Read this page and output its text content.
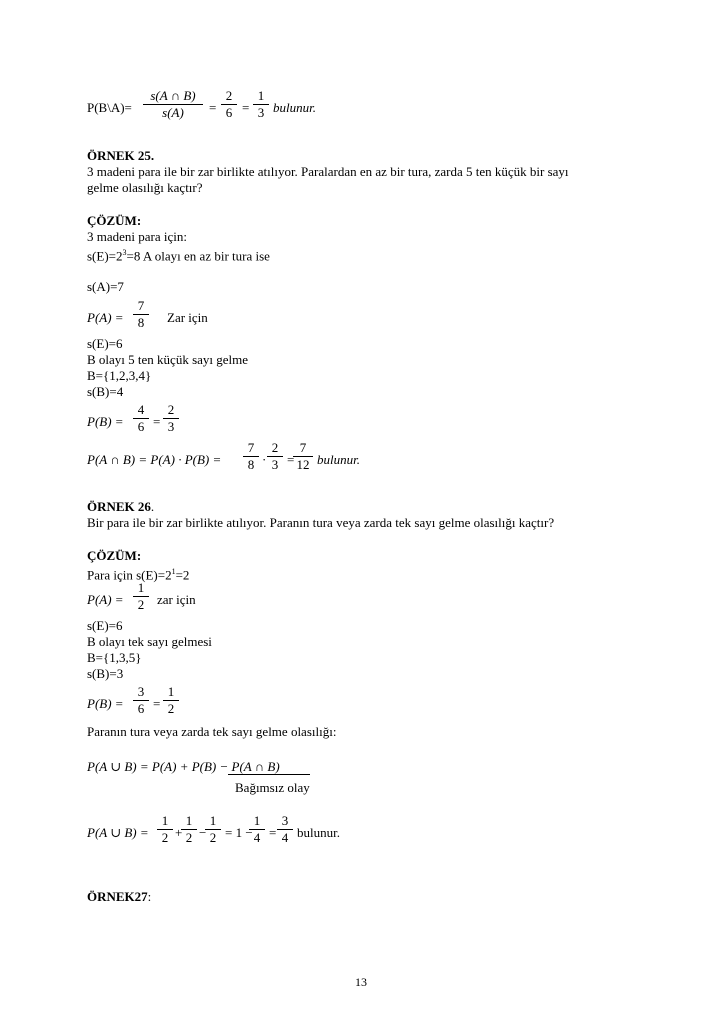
P(B\A)=
s(A ∩ B)
s(A)	=
2
6 =
1
3 bulunur.
ÖRNEK 25.
3 madeni para ile bir zar birlikte atılıyor. Paralardan en az bir tura, zarda 5 ten küçük bir sayı
gelme olasılığı kaçtır?
ÇÖZÜM:
3 madeni para için:
$s(E)=2^3=8$ A olayı en az bir tura ise
s(A)=7
P(A) =
7
8	Zar için
s(E)=6
B olayı 5 ten küçük sayı gelme
B={1,2,3,4}
s(B)=4
P(B) =
4
6 =
2
3
P(A ∩ B) = P(A) · P(B) =
7
8 ·
2
3 =
7
12 bulunur.
ÖRNEK 26.
Bir para ile bir zar birlikte atılıyor. Paranın tura veya zarda tek sayı gelme olasılığı kaçtır?
ÇÖZÜM:
Para için $s(E)=2^1=2$
P(A) =
1
2 zar için
s(E)=6
B olayı tek sayı gelmesi
B={1,3,5}
s(B)=3
P(B) =
3
6 =
1
2
Paranın tura veya zarda tek sayı gelme olasılığı:
P(A ∪ B) = P(A) + P(B) − P(A ∩ B)
Bağımsız olay
P(A ∪ B) =
1
2 +
1
2 −
1
2 = 1 −
1
4 =
3
4 bulunur.
ÖRNEK27:
13
